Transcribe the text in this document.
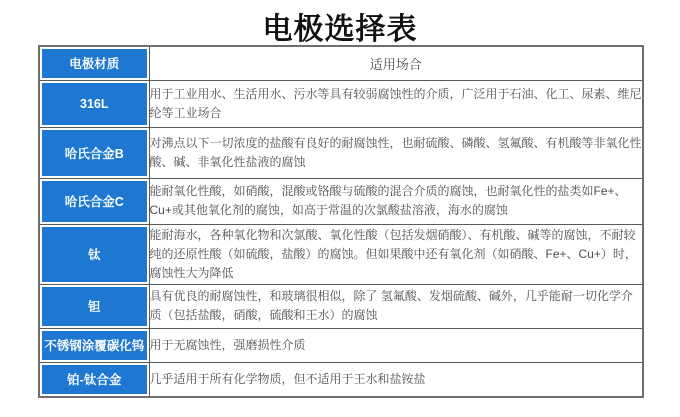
电极选择表
电极材质	适用场合

316L	用于工业用水、生活用水、污水等具有较弱腐蚀性的介质，广泛用于石油、化工、尿素、维尼纶等工业场合

哈氏合金B	对沸点以下一切浓度的盐酸有良好的耐腐蚀性，也耐硫酸、磷酸、氢氟酸、有机酸等非氧化性酸、碱、非氧化性盐液的腐蚀

哈氏合金C	能耐氧化性酸，如硝酸，混酸或铬酸与硫酸的混合介质的腐蚀，也耐氧化性的盐类如Fe+、Cu+或其他氧化剂的腐蚀，如高于常温的次氯酸盐溶液，海水的腐蚀

钛	能耐海水，各种氧化物和次氯酸、氧化性酸（包括发烟硝酸）、有机酸、碱等的腐蚀，不耐较纯的还原性酸（如硫酸，盐酸）的腐蚀。但如果酸中还有氧化剂（如硝酸、Fe+、Cu+）时，腐蚀性大为降低

钽	具有优良的耐腐蚀性，和玻璃很相似，除了 氢氟酸、发烟硫酸、碱外，几乎能耐一切化学介质（包括盐酸，硝酸，硫酸和王水）的腐蚀

不锈钢涂覆碳化钨	用于无腐蚀性，强磨损性介质

铂-钛合金	几乎适用于所有化学物质，但不适用于王水和盐铵盐
